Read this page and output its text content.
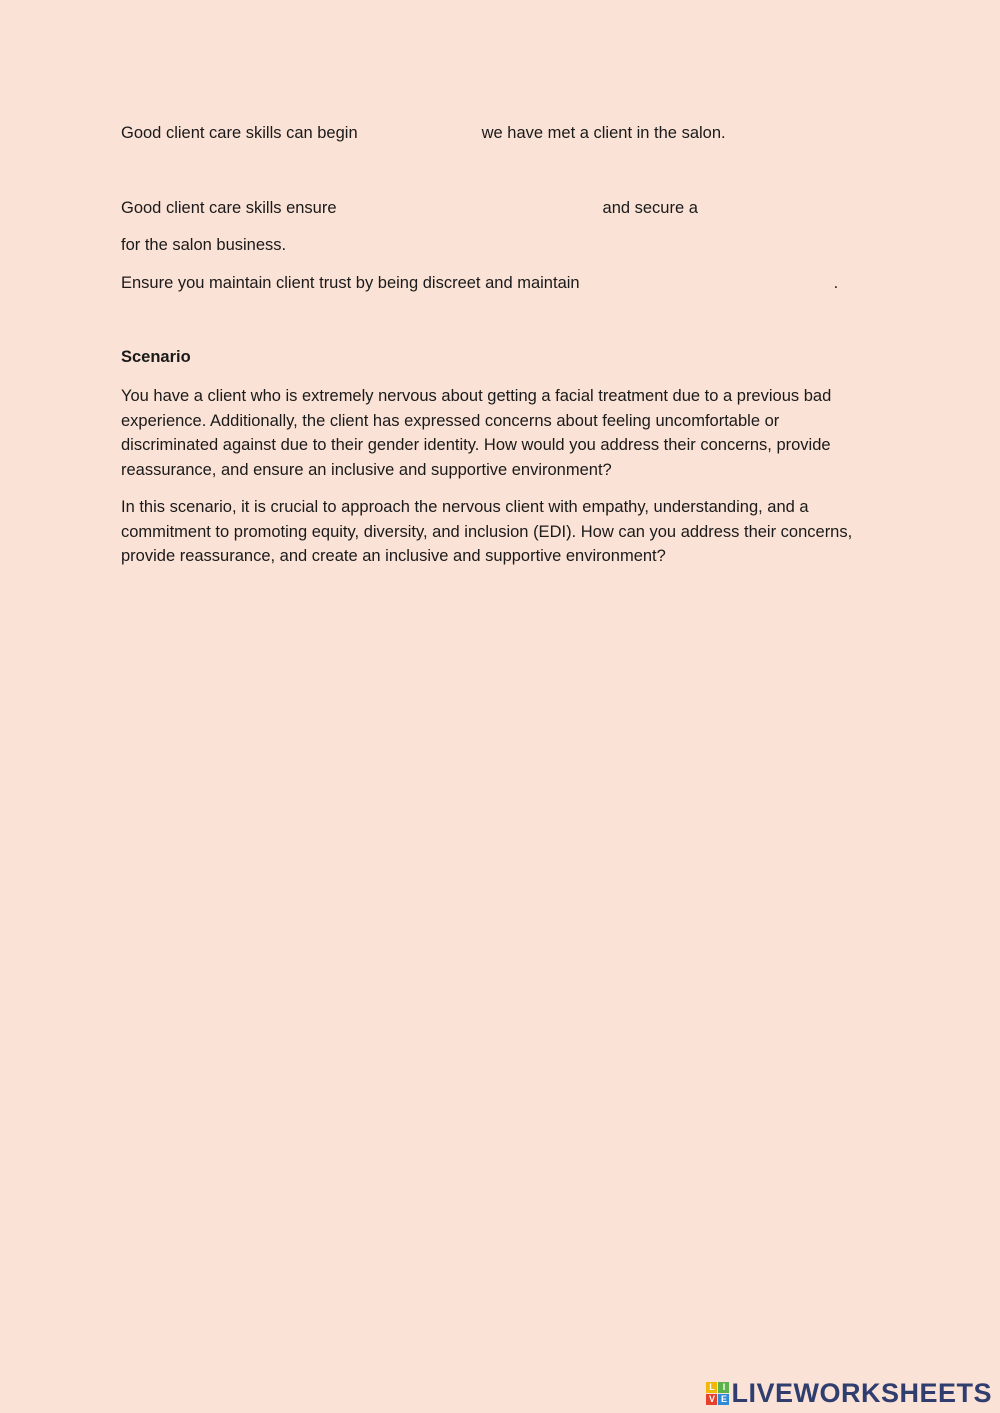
Good client care skills can begin	we have met a client in the salon.
Good client care skills ensure	and secure a
for the salon business.
Ensure you maintain client trust by being discreet and maintain	.
Scenario
You have a client who is extremely nervous about getting a facial treatment due to a previous bad experience. Additionally, the client has expressed concerns about feeling uncomfortable or discriminated against due to their gender identity. How would you address their concerns, provide reassurance, and ensure an inclusive and supportive environment?
In this scenario, it is crucial to approach the nervous client with empathy, understanding, and a commitment to promoting equity, diversity, and inclusion (EDI). How can you address their concerns, provide reassurance, and create an inclusive and supportive environment?
L I
V E LIVEWORKSHEETS
